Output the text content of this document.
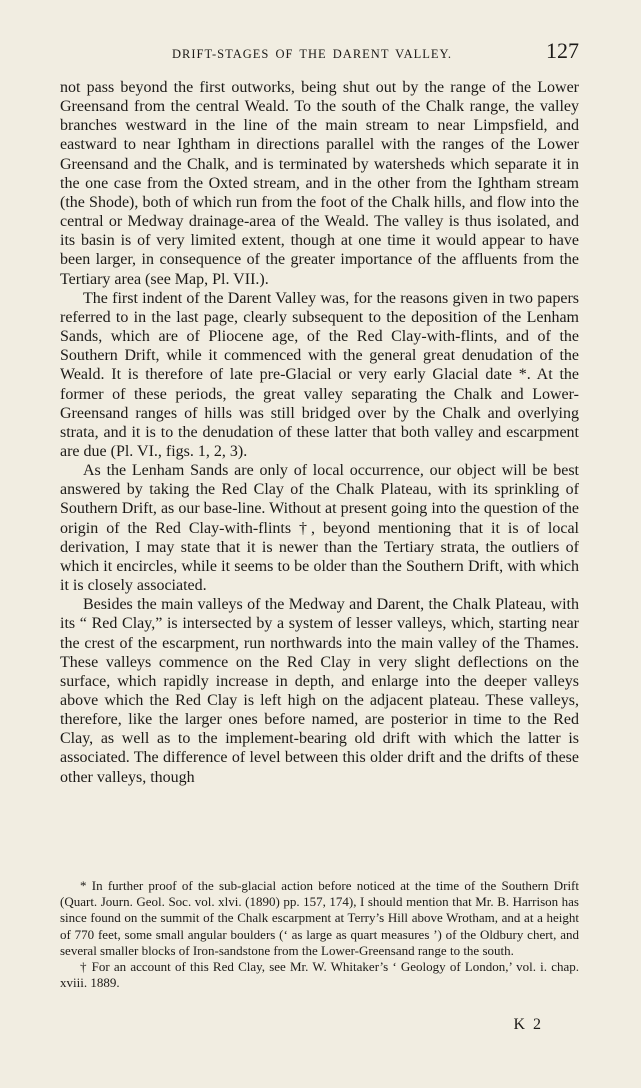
DRIFT-STAGES OF THE DARENT VALLEY.	127

not pass beyond the first outworks, being shut out by the range of the Lower Greensand from the central Weald. To the south of the Chalk range, the valley branches westward in the line of the main stream to near Limpsfield, and eastward to near Ightham in directions parallel with the ranges of the Lower Greensand and the Chalk, and is terminated by watersheds which separate it in the one case from the Oxted stream, and in the other from the Ightham stream (the Shode), both of which run from the foot of the Chalk hills, and flow into the central or Medway drainage-area of the Weald. The valley is thus isolated, and its basin is of very limited extent, though at one time it would appear to have been larger, in consequence of the greater importance of the affluents from the Tertiary area (see Map, Pl. VII.).

The first indent of the Darent Valley was, for the reasons given in two papers referred to in the last page, clearly subsequent to the deposition of the Lenham Sands, which are of Pliocene age, of the Red Clay-with-flints, and of the Southern Drift, while it commenced with the general great denudation of the Weald. It is therefore of late pre-Glacial or very early Glacial date *. At the former of these periods, the great valley separating the Chalk and Lower-Greensand ranges of hills was still bridged over by the Chalk and overlying strata, and it is to the denudation of these latter that both valley and escarpment are due (Pl. VI., figs. 1, 2, 3).

As the Lenham Sands are only of local occurrence, our object will be best answered by taking the Red Clay of the Chalk Plateau, with its sprinkling of Southern Drift, as our base-line. Without at present going into the question of the origin of the Red Clay-with-flints †, beyond mentioning that it is of local derivation, I may state that it is newer than the Tertiary strata, the outliers of which it encircles, while it seems to be older than the Southern Drift, with which it is closely associated.

Besides the main valleys of the Medway and Darent, the Chalk Plateau, with its “ Red Clay,” is intersected by a system of lesser valleys, which, starting near the crest of the escarpment, run northwards into the main valley of the Thames. These valleys commence on the Red Clay in very slight deflections on the surface, which rapidly increase in depth, and enlarge into the deeper valleys above which the Red Clay is left high on the adjacent plateau. These valleys, therefore, like the larger ones before named, are posterior in time to the Red Clay, as well as to the implement-bearing old drift with which the latter is associated. The difference of level between this older drift and the drifts of these other valleys, though

* In further proof of the sub-glacial action before noticed at the time of the Southern Drift (Quart. Journ. Geol. Soc. vol. xlvi. (1890) pp. 157, 174), I should mention that Mr. B. Harrison has since found on the summit of the Chalk escarpment at Terry’s Hill above Wrotham, and at a height of 770 feet, some small angular boulders (‘ as large as quart measures ’) of the Oldbury chert, and several smaller blocks of Iron-sandstone from the Lower-Greensand range to the south.

† For an account of this Red Clay, see Mr. W. Whitaker’s ‘ Geology of London,’ vol. i. chap. xviii. 1889.

K 2
